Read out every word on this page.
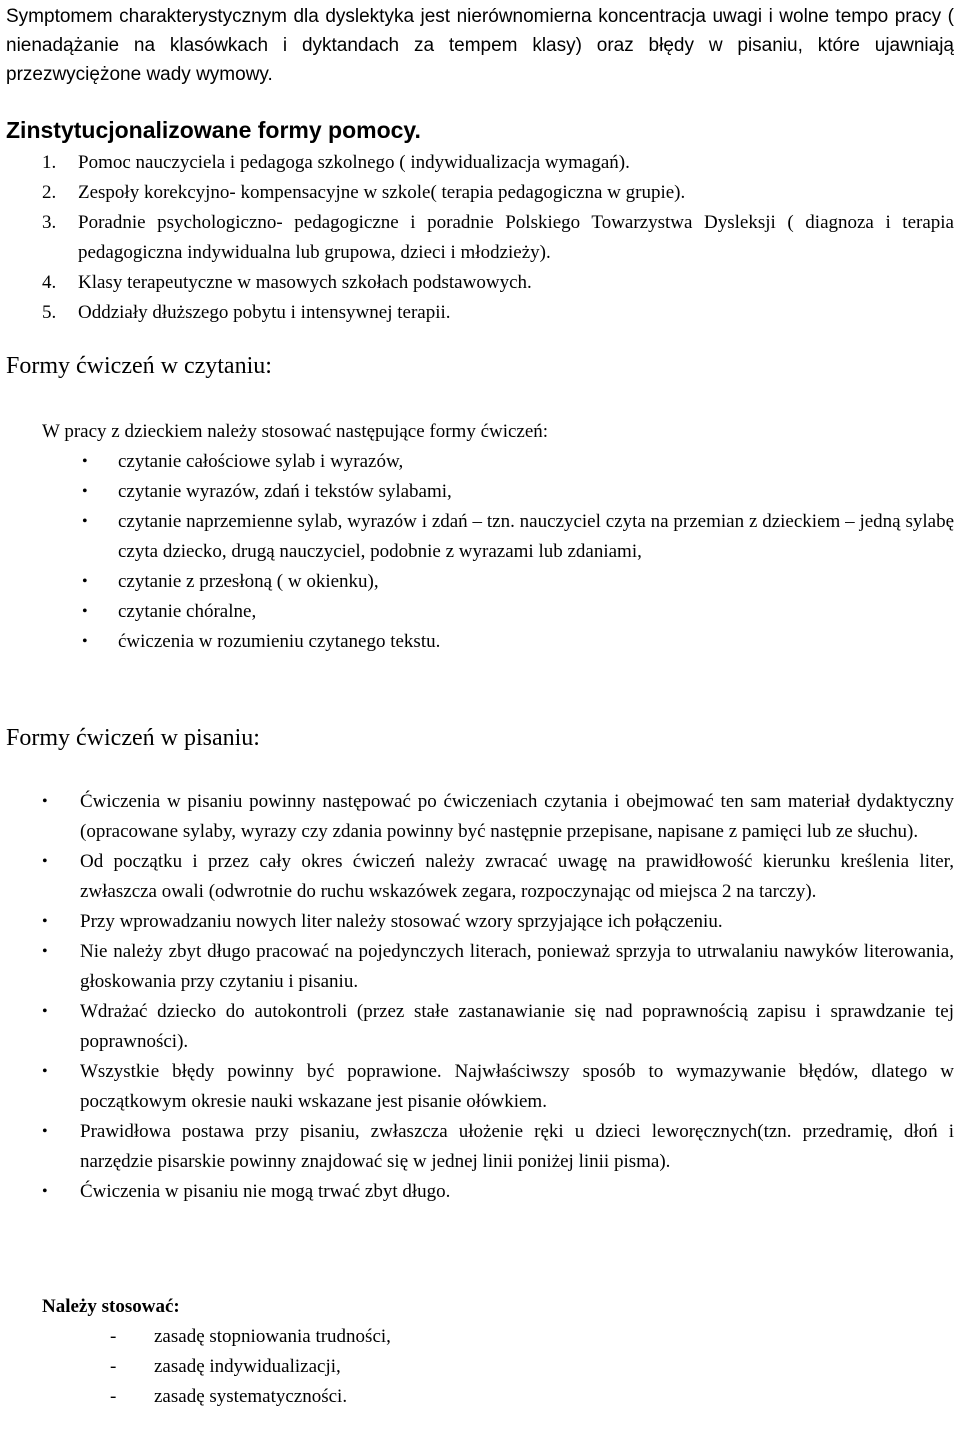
Symptomem charakterystycznym dla dyslektyka jest nierównomierna koncentracja uwagi i wolne tempo pracy ( nienadążanie na klasówkach i dyktandach za tempem klasy) oraz błędy w pisaniu, które ujawniają przezwyciężone wady wymowy.

Zinstytucjonalizowane formy pomocy.
1. Pomoc nauczyciela i pedagoga szkolnego ( indywidualizacja wymagań).
2. Zespoły korekcyjno- kompensacyjne w szkole( terapia pedagogiczna w grupie).
3. Poradnie psychologiczno- pedagogiczne i poradnie Polskiego Towarzystwa Dysleksji ( diagnoza i terapia pedagogiczna indywidualna lub grupowa, dzieci i młodzieży).
4. Klasy terapeutyczne w masowych szkołach podstawowych.
5. Oddziały dłuższego pobytu i intensywnej terapii.
Formy ćwiczeń w czytaniu:

W pracy z dzieckiem należy stosować następujące formy ćwiczeń:

• czytanie całościowe sylab i wyrazów,
• czytanie wyrazów, zdań i tekstów sylabami,
• czytanie naprzemienne sylab, wyrazów i zdań – tzn. nauczyciel czyta na przemian z dzieckiem – jedną sylabę czyta dziecko, drugą nauczyciel, podobnie z wyrazami lub zdaniami,
• czytanie z przesłoną ( w okienku),
• czytanie chóralne,
• ćwiczenia w rozumieniu czytanego tekstu.
Formy ćwiczeń w pisaniu:
• Ćwiczenia w pisaniu powinny następować po ćwiczeniach czytania i obejmować ten sam materiał dydaktyczny (opracowane sylaby, wyrazy czy zdania powinny być następnie przepisane, napisane z pamięci lub ze słuchu).
• Od początku i przez cały okres ćwiczeń należy zwracać uwagę na prawidłowość kierunku kreślenia liter, zwłaszcza owali (odwrotnie do ruchu wskazówek zegara, rozpoczynając od miejsca 2 na tarczy).
• Przy wprowadzaniu nowych liter należy stosować wzory sprzyjające ich połączeniu.
• Nie należy zbyt długo pracować na pojedynczych literach, ponieważ sprzyja to utrwalaniu nawyków literowania, głoskowania przy czytaniu i pisaniu.
• Wdrażać dziecko do autokontroli (przez stałe zastanawianie się nad poprawnością zapisu i sprawdzanie tej poprawności).
• Wszystkie błędy powinny być poprawione. Najwłaściwszy sposób to wymazywanie błędów, dlatego w początkowym okresie nauki wskazane jest pisanie ołówkiem.
• Prawidłowa postawa przy pisaniu, zwłaszcza ułożenie ręki u dzieci leworęcznych(tzn. przedramię, dłoń i narzędzie pisarskie powinny znajdować się w jednej linii poniżej linii pisma).
• Ćwiczenia w pisaniu nie mogą trwać zbyt długo.

Należy stosować:

- zasadę stopniowania trudności,
- zasadę indywidualizacji,
- zasadę systematyczności.
